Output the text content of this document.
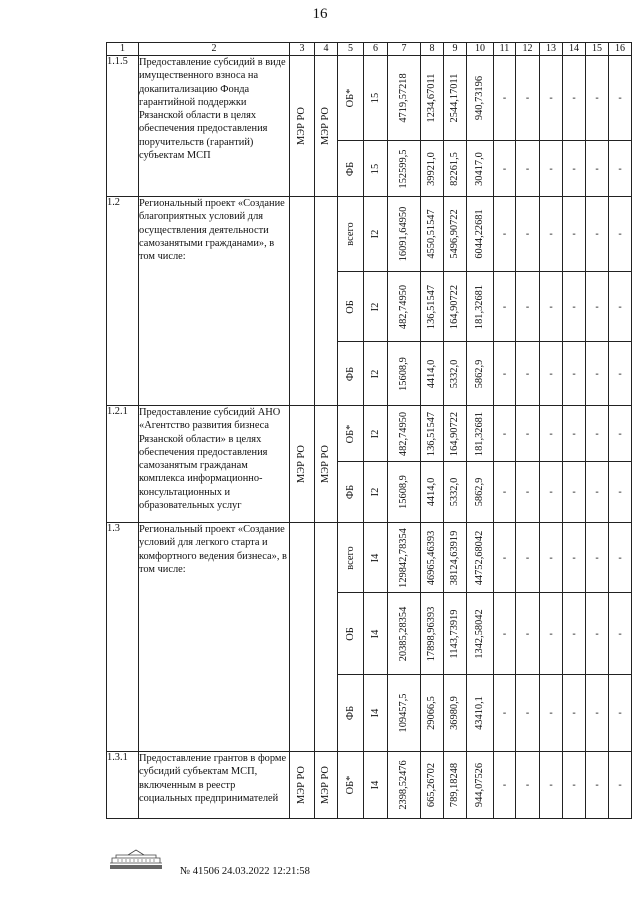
16
1	2	3	4	5	6	7	8	9	10	11	12	13	14	15	16
1.1.5	Предоставление субсидий в виде имущественного взноса на докапитализацию Фонда гарантийной поддержки Рязанской области в целях обеспечения предоставления поручительств (гарантий) субъектам МСП	МЭР РО	МЭР РО	ОБ*	15	4719,57218	1234,67011	2544,17011	940,73196	-	-	-	-	-	-

				ФБ	15	152599,5	39921,0	82261,5	30417,0	-	-	-	-	-	-

1.2	Региональный проект «Создание благоприятных условий для осуществления деятельности самозанятыми гражданами», в том числе:			всего	I2	16091,64950	4550,51547	5496,90722	6044,22681	-	-	-	-	-	-

				ОБ	I2	482,74950	136,51547	164,90722	181,32681	-	-	-	-	-	-

				ФБ	I2	15608,9	4414,0	5332,0	5862,9	-	-	-	-	-	-

1.2.1	Предоставление субсидий АНО «Агентство развития бизнеса Рязанской области» в целях обеспечения предоставления самозанятым гражданам комплекса информационно-консультационных и образовательных услуг	МЭР РО	МЭР РО	ОБ*	I2	482,74950	136,51547	164,90722	181,32681	-	-	-	-	-	-

				ФБ	I2	15608,9	4414,0	5332,0	5862,9	-	-	-	-	-	-

1.3	Региональный проект «Создание условий для легкого старта и комфортного ведения бизнеса», в том числе:			всего	I4	129842,78354	46965,46393	38124,63919	44752,68042	-	-	-	-	-	-

				ОБ	I4	20385,28354	17898,96393	1143,73919	1342,58042	-	-	-	-	-	-

				ФБ	I4	109457,5	29066,5	36980,9	43410,1	-	-	-	-	-	-

1.3.1	Предоставление грантов в форме субсидий субъектам МСП, включенным в реестр социальных предпринимателей	МЭР РО	МЭР РО	ОБ*	I4	2398,52476	665,26702	789,18248	944,07526	-	-	-	-	-	-
№ 41506 24.03.2022 12:21:58
